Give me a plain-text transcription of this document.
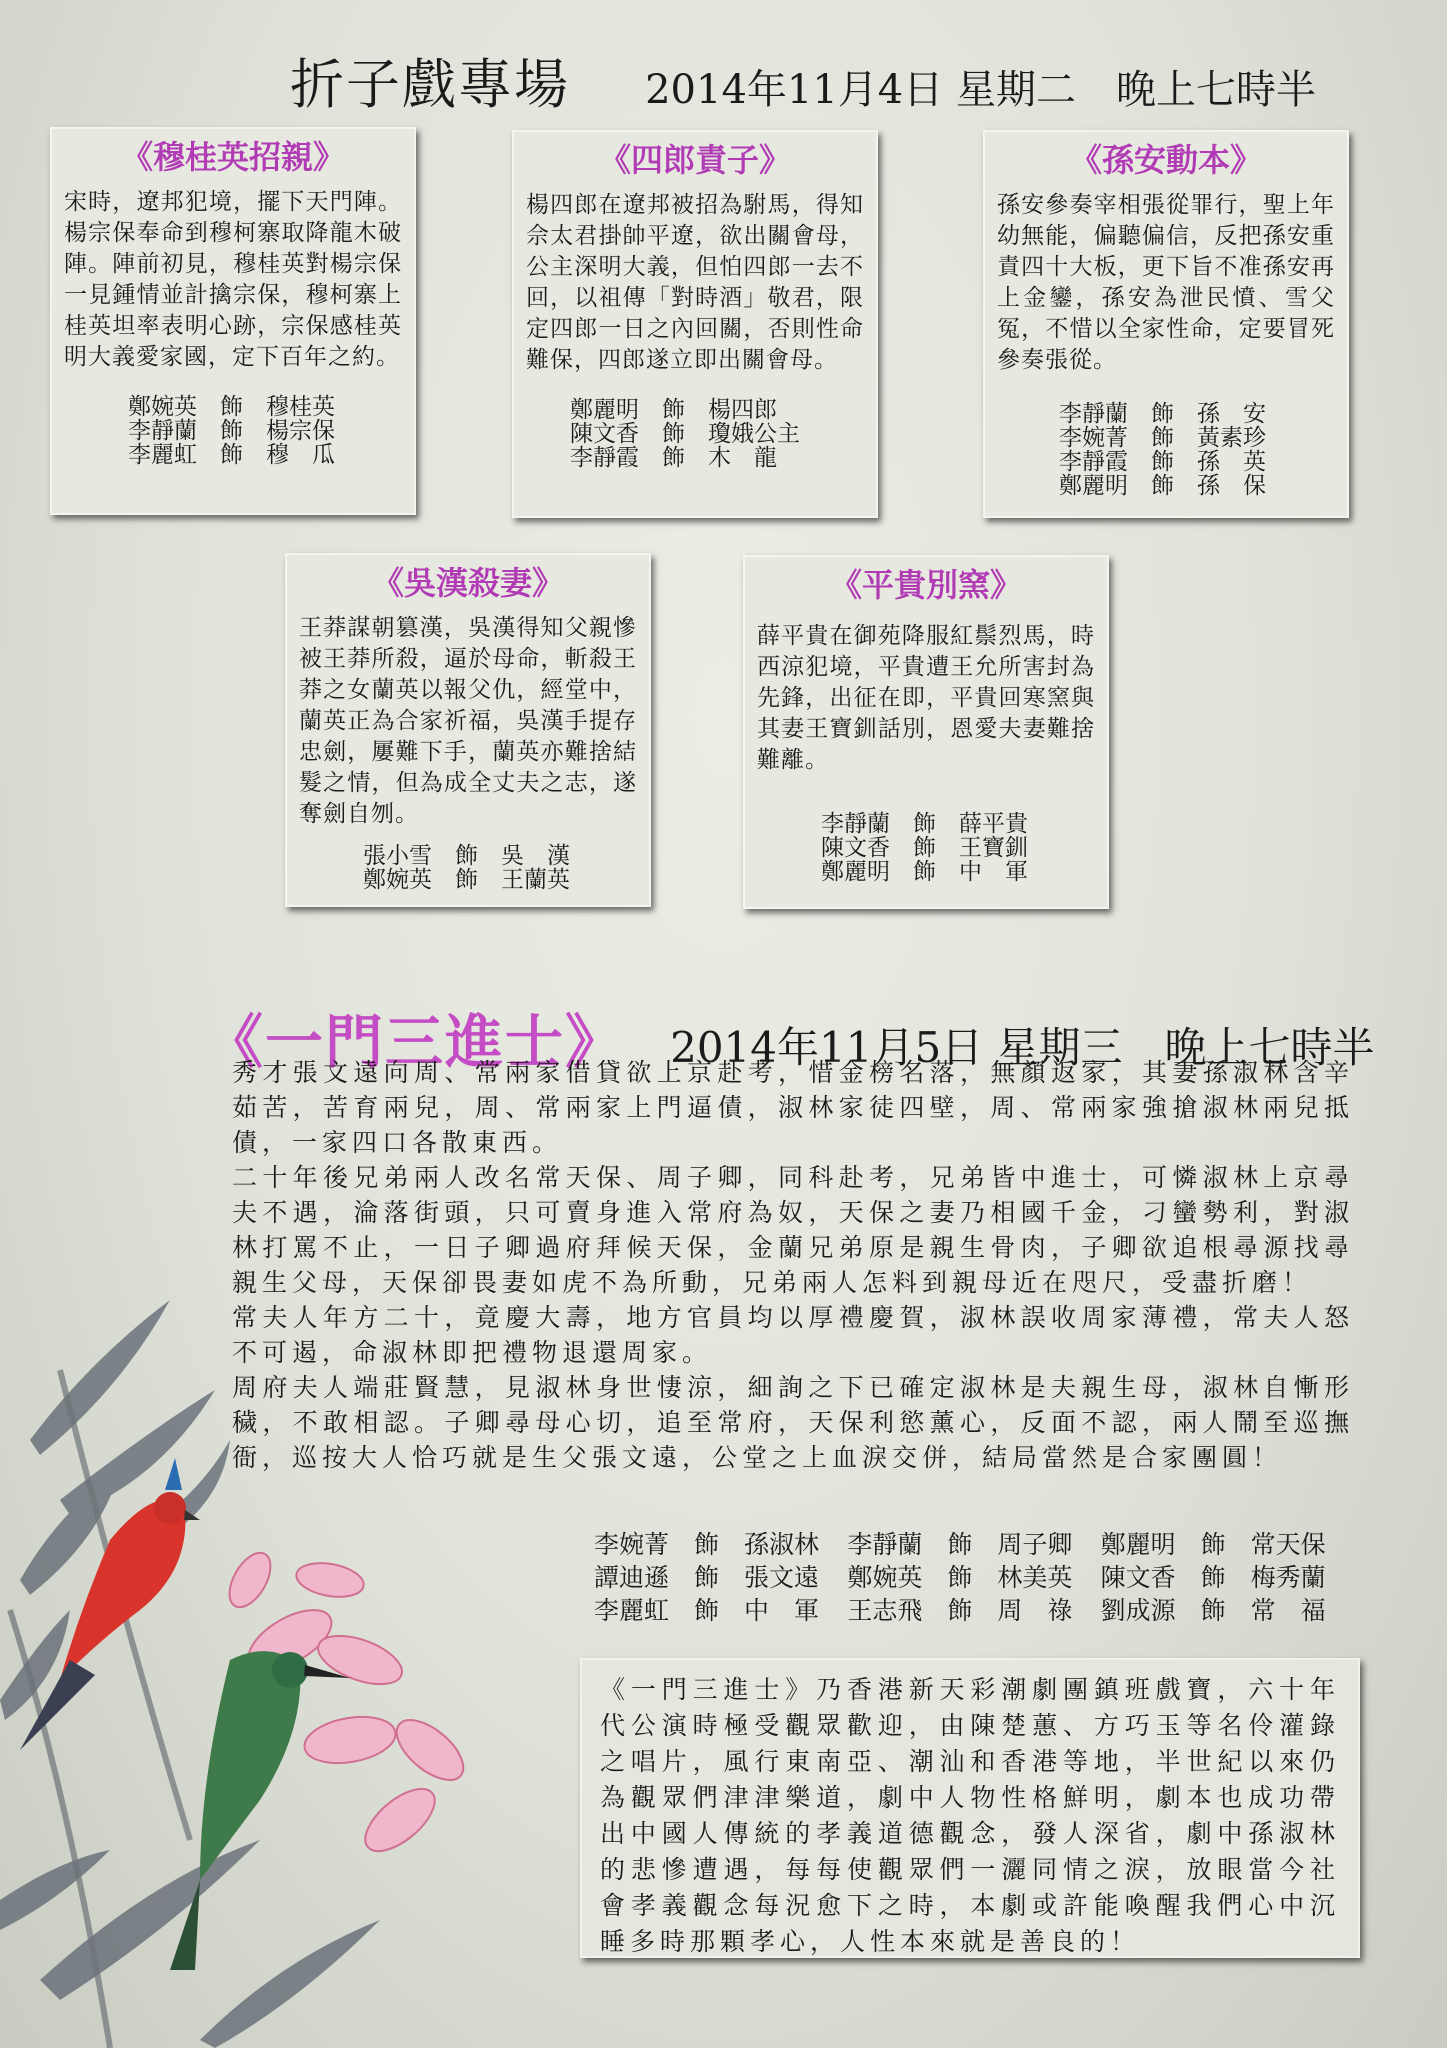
折子戲專場 2014年11月4日 星期二　晚上七時半
《穆桂英招親》
宋時，遼邦犯境，擺下天門陣。楊宗保奉命到穆柯寨取降龍木破陣。陣前初見，穆桂英對楊宗保一見鍾情並計擒宗保，穆柯寨上桂英坦率表明心跡，宗保感桂英明大義愛家國，定下百年之約。
鄭婉英　飾　穆桂英
李靜蘭　飾　楊宗保
李麗虹　飾　穆　瓜
《四郎責子》
楊四郎在遼邦被招為駙馬，得知佘太君掛帥平遼，欲出關會母，公主深明大義，但怕四郎一去不回，以祖傳「對時酒」敬君，限定四郎一日之內回關，否則性命難保，四郎遂立即出關會母。
鄭麗明　飾　楊四郎
陳文香　飾　瓊娥公主
李靜霞　飾　木　龍
《孫安動本》
孫安參奏宰相張從罪行，聖上年幼無能，偏聽偏信，反把孫安重責四十大板，更下旨不准孫安再上金鑾，孫安為泄民憤、雪父冤，不惜以全家性命，定要冒死參奏張從。
李靜蘭　飾　孫　安
李婉菁　飾　黃素珍
李靜霞　飾　孫　英
鄭麗明　飾　孫　保
《吳漢殺妻》
王莽謀朝篡漢，吳漢得知父親慘被王莽所殺，逼於母命，斬殺王莽之女蘭英以報父仇，經堂中，蘭英正為合家祈福，吳漢手提存忠劍，屢難下手，蘭英亦難捨結髮之情，但為成全丈夫之志，遂奪劍自刎。
張小雪　飾　吳　漢
鄭婉英　飾　王蘭英
《平貴別窯》
薛平貴在御苑降服紅鬃烈馬，時西涼犯境，平貴遭王允所害封為先鋒，出征在即，平貴回寒窯與其妻王寶釧話別，恩愛夫妻難捨難離。
李靜蘭　飾　薛平貴
陳文香　飾　王寶釧
鄭麗明　飾　中　軍
《一門三進士》 2014年11月5日 星期三　晚上七時半

秀才張文遠向周、常兩家借貸欲上京赴考，惜金榜名落，無顏返家，其妻孫淑林含辛茹苦，苦育兩兒，周、常兩家上門逼債，淑林家徒四壁，周、常兩家強搶淑林兩兒抵債，一家四口各散東西。

二十年後兄弟兩人改名常天保、周子卿，同科赴考，兄弟皆中進士，可憐淑林上京尋夫不遇，淪落街頭，只可賣身進入常府為奴，天保之妻乃相國千金，刁蠻勢利，對淑林打罵不止，一日子卿過府拜候天保，金蘭兄弟原是親生骨肉，子卿欲追根尋源找尋親生父母，天保卻畏妻如虎不為所動，兄弟兩人怎料到親母近在咫尺，受盡折磨！

常夫人年方二十，竟慶大壽，地方官員均以厚禮慶賀，淑林誤收周家薄禮，常夫人怒不可遏，命淑林即把禮物退還周家。

周府夫人端莊賢慧，見淑林身世悽涼，細詢之下已確定淑林是夫親生母，淑林自慚形穢，不敢相認。子卿尋母心切，追至常府，天保利慾薰心，反面不認，兩人鬧至巡撫衙，巡按大人恰巧就是生父張文遠，公堂之上血淚交併，結局當然是合家團圓！

李婉菁　飾　孫淑林	李靜蘭　飾　周子卿	鄭麗明　飾　常天保
譚迪遜　飾　張文遠	鄭婉英　飾　林美英	陳文香　飾　梅秀蘭
李麗虹　飾　中　軍	王志飛　飾　周　祿	劉成源　飾　常　福
《一門三進士》乃香港新天彩潮劇團鎮班戲寶，六十年代公演時極受觀眾歡迎，由陳楚蕙、方巧玉等名伶灌錄之唱片，風行東南亞、潮汕和香港等地，半世紀以來仍為觀眾們津津樂道，劇中人物性格鮮明，劇本也成功帶出中國人傳統的孝義道德觀念，發人深省，劇中孫淑林的悲慘遭遇，每每使觀眾們一灑同情之淚，放眼當今社會孝義觀念每況愈下之時，本劇或許能喚醒我們心中沉睡多時那顆孝心，人性本來就是善良的！
